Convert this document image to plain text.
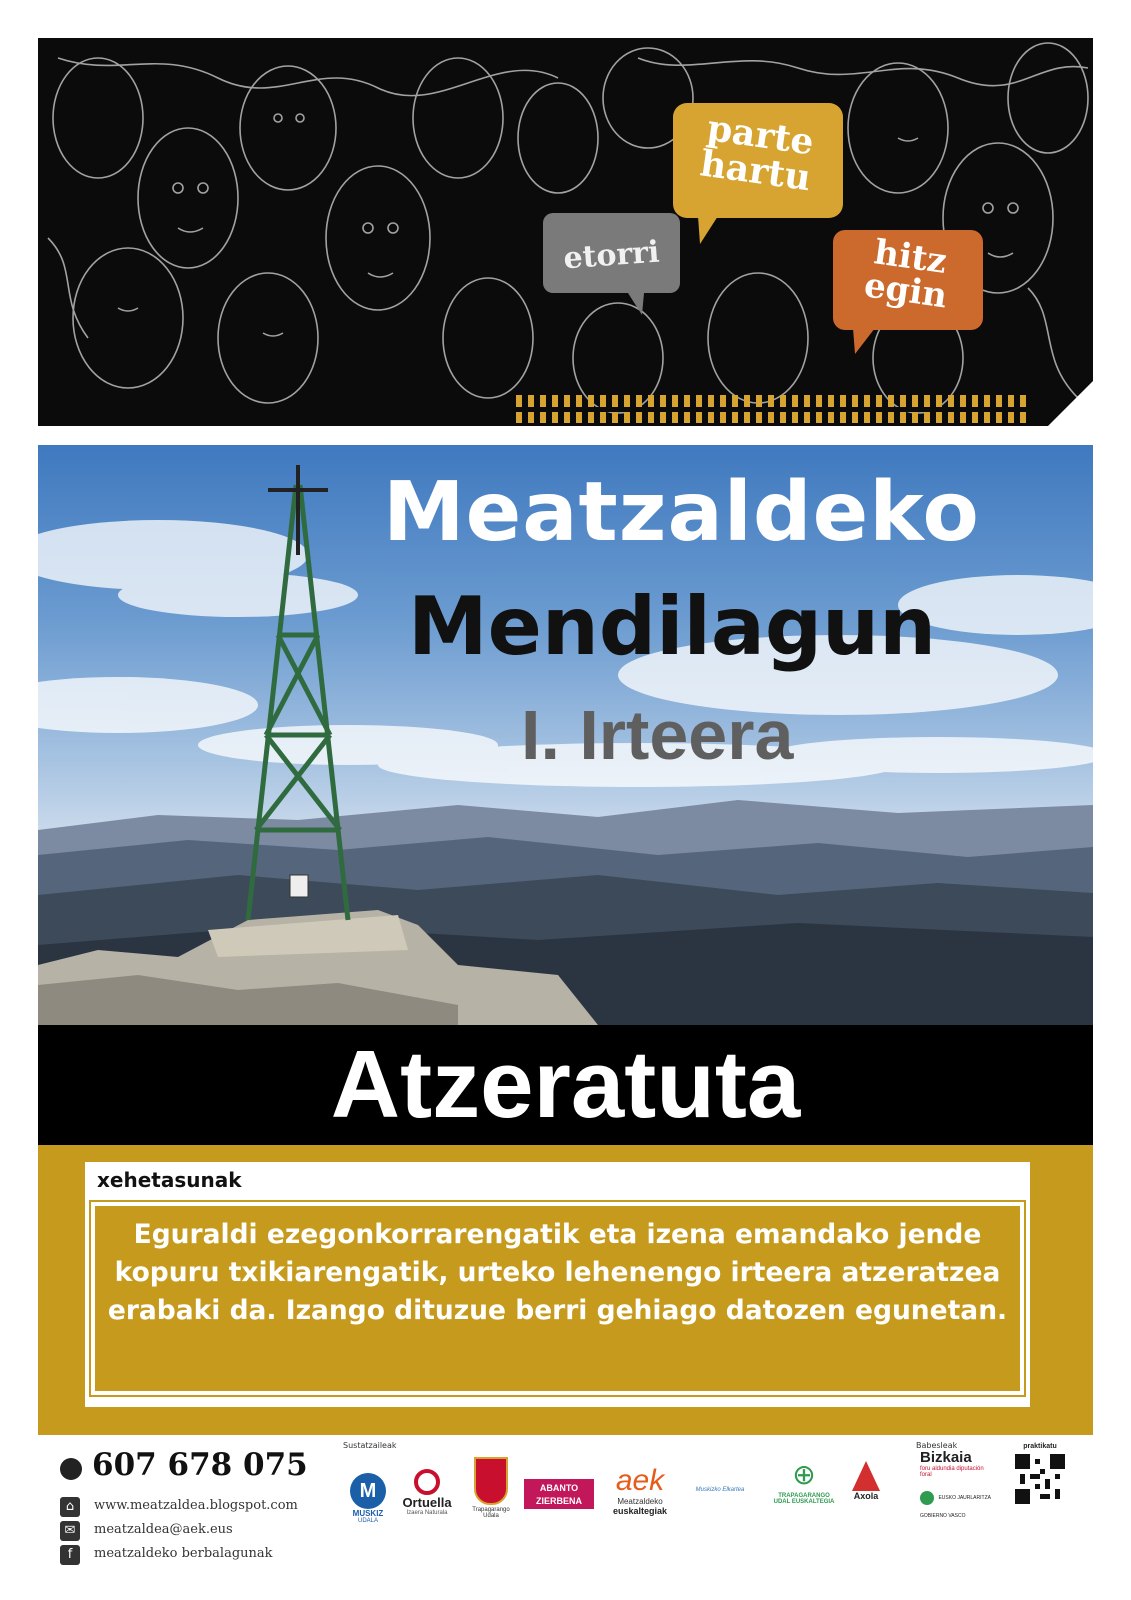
etorri
parte
hartu
hitz
egin
Meatzaldeko
Mendilagun
I. Irteera
Atzeratuta
xehetasunak
Eguraldi ezegonkorrarengatik eta izena emandako jende kopuru txikiarengatik, urteko lehenengo irteera atzeratzea erabaki da. Izango dituzue berri gehiago datozen egunetan.
607 678 075
⌂	www.meatzaldea.blogspot.com
✉	meatzaldea@aek.eus
f	meatzaldeko berbalagunak
Sustatzaileak	Babesleak
M
MUSKIZ
UDALA
Ortuella
Izaera Naturala	Trapagarango Udala
ABANTO ZIERBENA
aek
Meatzaldeko
euskaltegiak
Muskizko Elkartea	⊕
TRAPAGARANGO UDAL EUSKALTEGIA
Axola
Bizkaia
foru aldundia diputación foral
EUSKO JAURLARITZA GOBIERNO VASCO
praktikatu
